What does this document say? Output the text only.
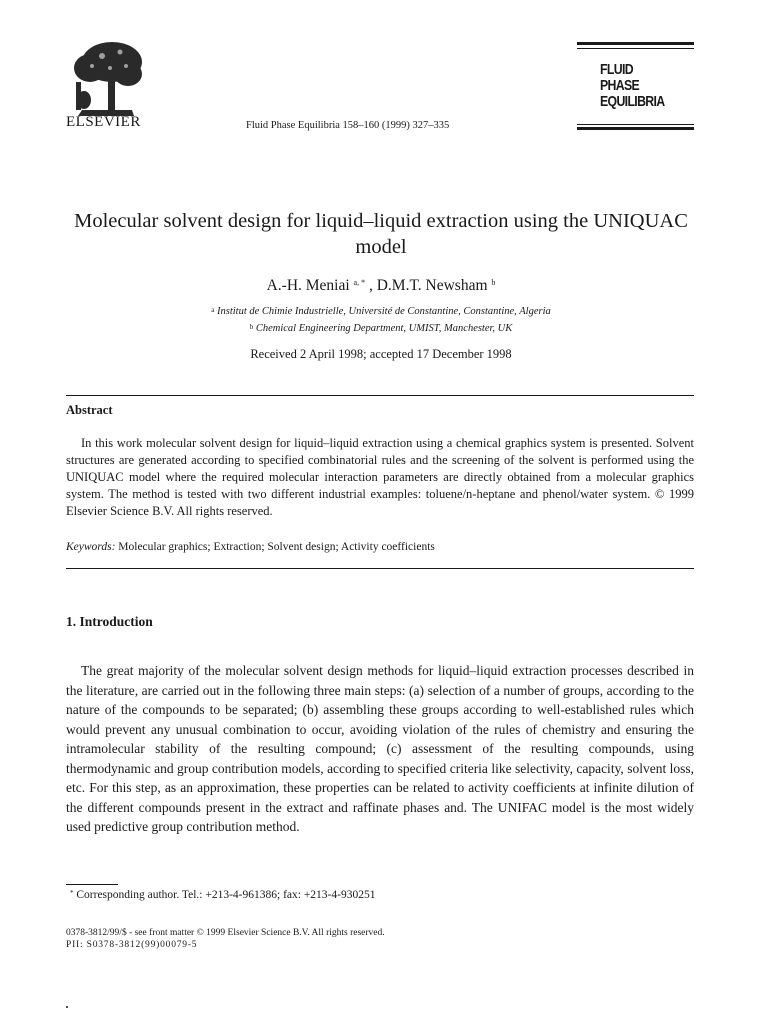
ELSEVIER	Fluid Phase Equilibria 158–160 (1999) 327–335
FLUID PHASE
EQUILIBRIA
Molecular solvent design for liquid–liquid extraction using the UNIQUAC model
A.-H. Meniai $^{a, *}$ , D.M.T. Newsham $^b$
$^a$ Institut de Chimie Industrielle, Université de Constantine, Constantine, Algeria
$^b$ Chemical Engineering Department, UMIST, Manchester, UK
Received 2 April 1998; accepted 17 December 1998
Abstract
In this work molecular solvent design for liquid–liquid extraction using a chemical graphics system is presented. Solvent structures are generated according to specified combinatorial rules and the screening of the solvent is performed using the UNIQUAC model where the required molecular interaction parameters are directly obtained from a molecular graphics system. The method is tested with two different industrial examples: toluene/n-heptane and phenol/water system. © 1999 Elsevier Science B.V. All rights reserved.
Keywords: Molecular graphics; Extraction; Solvent design; Activity coefficients
1. Introduction
The great majority of the molecular solvent design methods for liquid–liquid extraction processes described in the literature, are carried out in the following three main steps: (a) selection of a number of groups, according to the nature of the compounds to be separated; (b) assembling these groups according to well-established rules which would prevent any unusual combination to occur, avoiding violation of the rules of chemistry and ensuring the intramolecular stability of the resulting compound; (c) assessment of the resulting compounds, using thermodynamic and group contribution models, according to specified criteria like selectivity, capacity, solvent loss, etc. For this step, as an approximation, these properties can be related to activity coefficients at infinite dilution of the different compounds present in the extract and raffinate phases and. The UNIFAC model is the most widely used predictive group contribution method.
* Corresponding author. Tel.: +213-4-961386; fax: +213-4-930251
0378-3812/99/$ - see front matter © 1999 Elsevier Science B.V. All rights reserved.
PII: S0378-3812(99)00079-5
